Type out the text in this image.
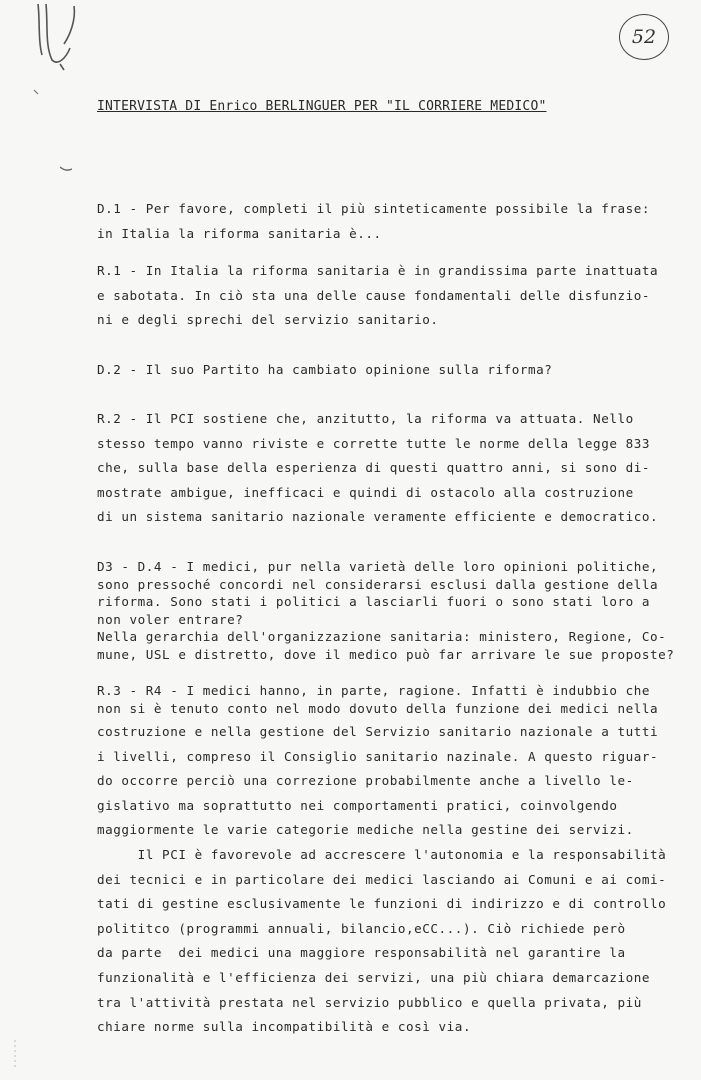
52
INTERVISTA DI Enrico BERLINGUER PER "IL CORRIERE MEDICO"
D.1 - Per favore, completi il più sinteticamente possibile la frase:
in Italia la riforma sanitaria è...
R.1 - In Italia la riforma sanitaria è in grandissima parte inattuata
e sabotata. In ciò sta una delle cause fondamentali delle disfunzio-
ni e degli sprechi del servizio sanitario.
D.2 - Il suo Partito ha cambiato opinione sulla riforma?
R.2 - Il PCI sostiene che, anzitutto, la riforma va attuata. Nello
stesso tempo vanno riviste e corrette tutte le norme della legge 833
che, sulla base della esperienza di questi quattro anni, si sono di-
mostrate ambigue, inefficaci e quindi di ostacolo alla costruzione
di un sistema sanitario nazionale veramente efficiente e democratico.
D3 - D.4 - I medici, pur nella varietà delle loro opinioni politiche,
sono pressoché concordi nel considerarsi esclusi dalla gestione della
riforma. Sono stati i politici a lasciarli fuori o sono stati loro a
non voler entrare?
Nella gerarchia dell'organizzazione sanitaria: ministero, Regione, Co-
mune, USL e distretto, dove il medico può far arrivare le sue proposte?
R.3 - R4 - I medici hanno, in parte, ragione. Infatti è indubbio che
non si è tenuto conto nel modo dovuto della funzione dei medici nella
costruzione e nella gestione del Servizio sanitario nazionale a tutti
i livelli, compreso il Consiglio sanitario nazinale. A questo riguar-
do occorre perciò una correzione probabilmente anche a livello le-
gislativo ma soprattutto nei comportamenti pratici, coinvolgendo
maggiormente le varie categorie mediche nella gestine dei servizi.
Il PCI è favorevole ad accrescere l'autonomia e la responsabilità
dei tecnici e in particolare dei medici lasciando ai Comuni e ai comi-
tati di gestine esclusivamente le funzioni di indirizzo e di controllo
polititco (programmi annuali, bilancio,eCC...). Ciò richiede però
da parte  dei medici una maggiore responsabilità nel garantire la
funzionalità e l'efficienza dei servizi, una più chiara demarcazione
tra l'attività prestata nel servizio pubblico e quella privata, più
chiare norme sulla incompatibilità e così via.
